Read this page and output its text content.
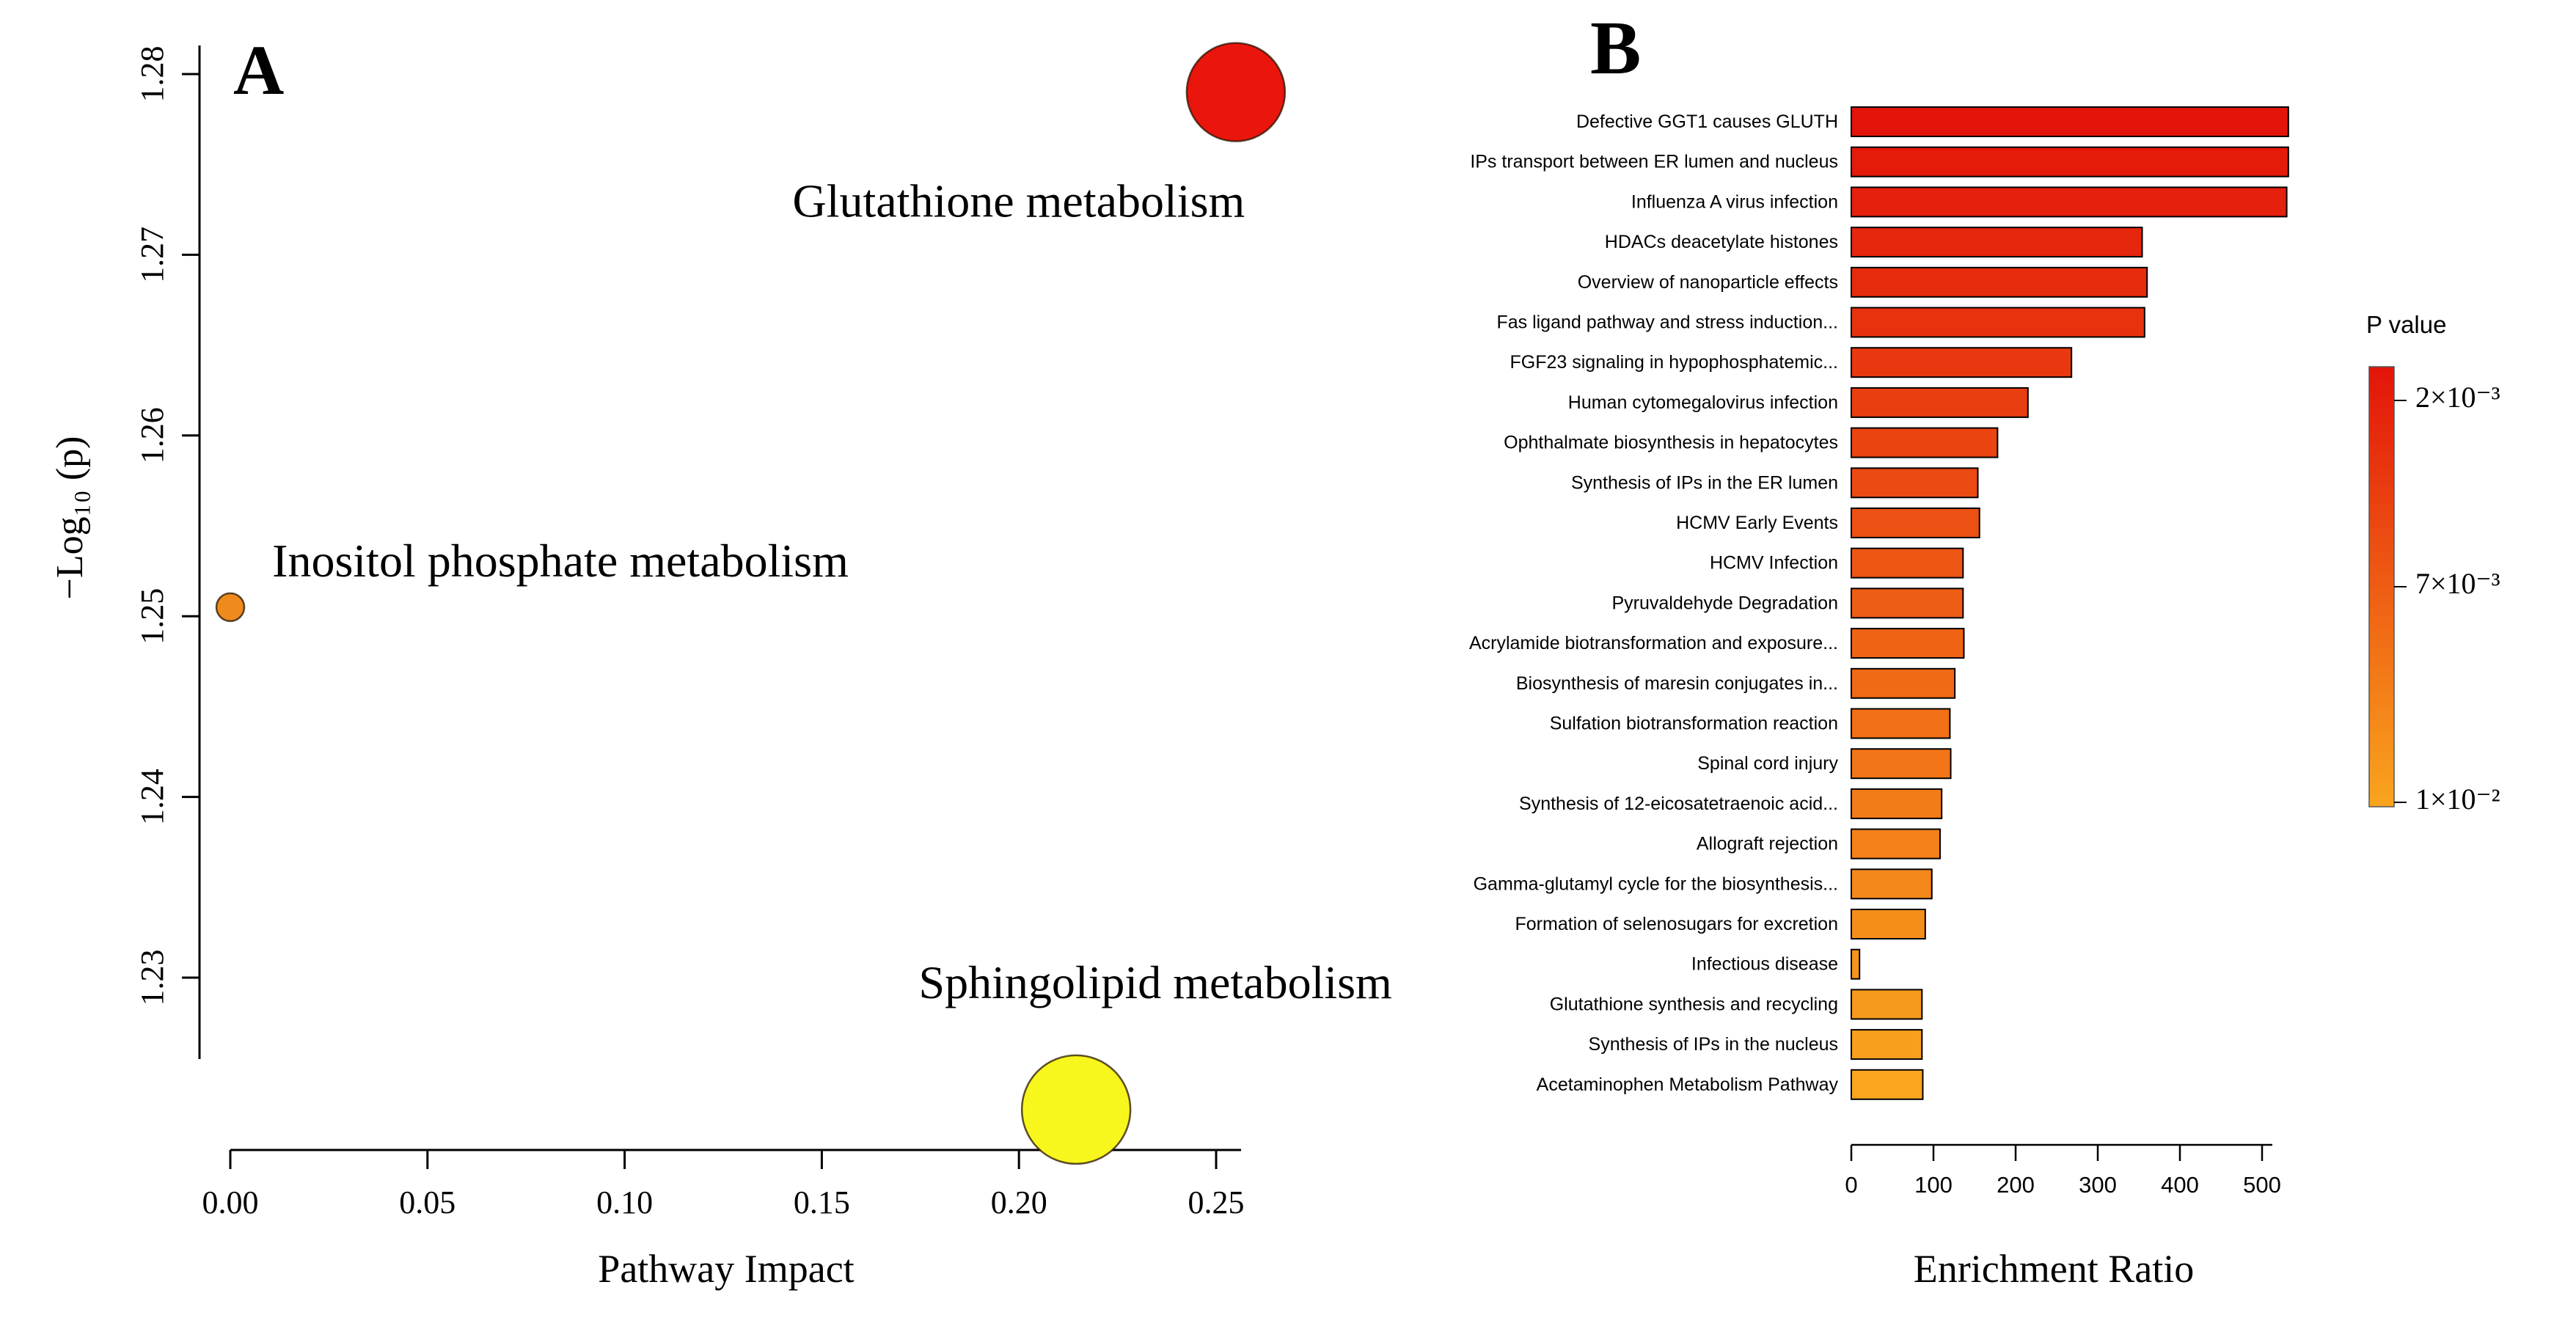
A	B
1.23
1.24
1.25
1.26
1.27
1.28
0.00	0.05	0.10	0.15	0.20	0.25
−Log₁₀ (p)
Pathway Impact
Glutathione metabolism
Inositol phosphate metabolism
Sphingolipid metabolism
Defective GGT1 causes GLUTH
IPs transport between ER lumen and nucleus
Influenza A virus infection
HDACs deacetylate histones
Overview of nanoparticle effects
Fas ligand pathway and stress induction...
FGF23 signaling in hypophosphatemic...
Human cytomegalovirus infection
Ophthalmate biosynthesis in hepatocytes
Synthesis of IPs in the ER lumen
HCMV Early Events
HCMV Infection
Pyruvaldehyde Degradation
Acrylamide biotransformation and exposure...
Biosynthesis of maresin conjugates in...
Sulfation biotransformation reaction
Spinal cord injury
Synthesis of 12-eicosatetraenoic acid...
Allograft rejection
Gamma-glutamyl cycle for the biosynthesis...
Formation of selenosugars for excretion
Infectious disease
Glutathione synthesis and recycling
Synthesis of IPs in the nucleus
Acetaminophen Metabolism Pathway
0	100 200 300 400 500
Enrichment Ratio
P value
2×10⁻³
7×10⁻³
1×10⁻²
